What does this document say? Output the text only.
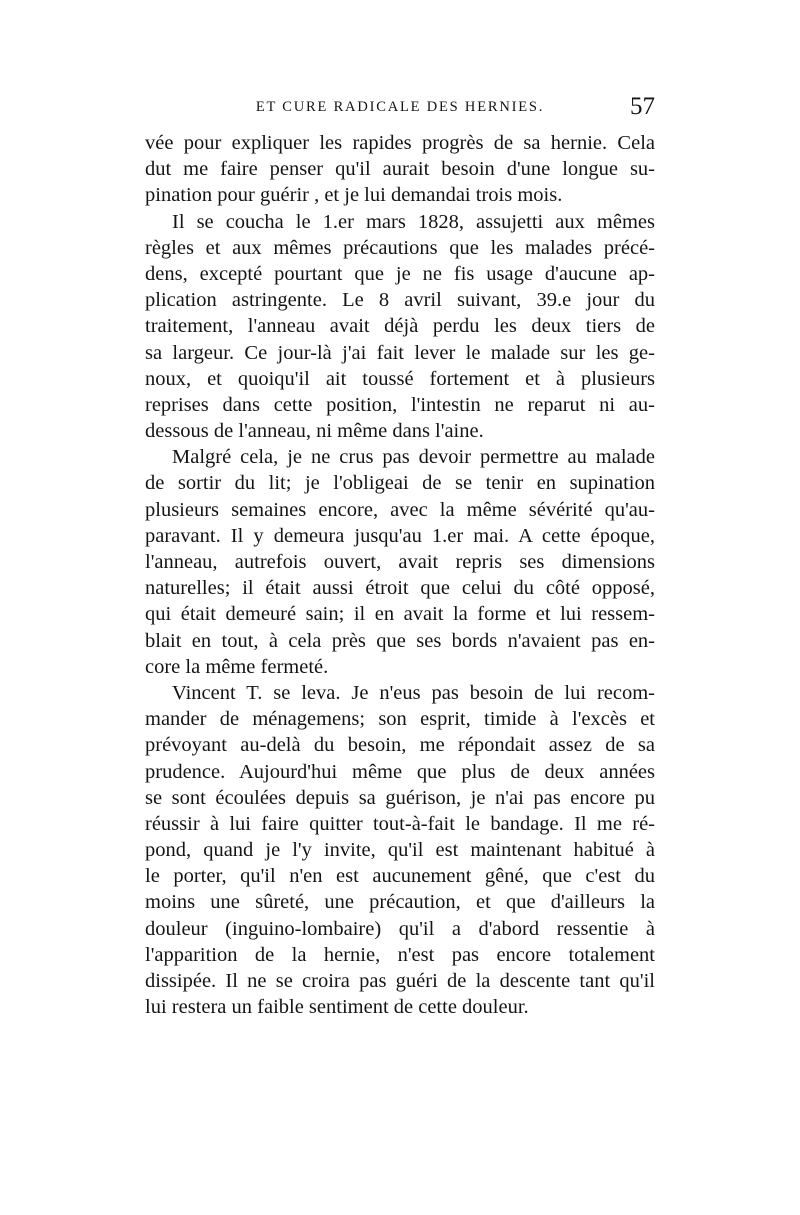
ET CURE RADICALE DES HERNIES.	57
vée pour expliquer les rapides progrès de sa hernie. Cela
dut me faire penser qu'il aurait besoin d'une longue su-
pination pour guérir , et je lui demandai trois mois.
Il se coucha le 1.er mars 1828, assujetti aux mêmes
règles et aux mêmes précautions que les malades précé-
dens, excepté pourtant que je ne fis usage d'aucune ap-
plication astringente. Le 8 avril suivant, 39.e jour du
traitement, l'anneau avait déjà perdu les deux tiers de
sa largeur. Ce jour-là j'ai fait lever le malade sur les ge-
noux, et quoiqu'il ait toussé fortement et à plusieurs
reprises dans cette position, l'intestin ne reparut ni au-
dessous de l'anneau, ni même dans l'aine.
Malgré cela, je ne crus pas devoir permettre au malade
de sortir du lit; je l'obligeai de se tenir en supination
plusieurs semaines encore, avec la même sévérité qu'au-
paravant. Il y demeura jusqu'au 1.er mai. A cette époque,
l'anneau, autrefois ouvert, avait repris ses dimensions
naturelles; il était aussi étroit que celui du côté opposé,
qui était demeuré sain; il en avait la forme et lui ressem-
blait en tout, à cela près que ses bords n'avaient pas en-
core la même fermeté.
Vincent T. se leva. Je n'eus pas besoin de lui recom-
mander de ménagemens; son esprit, timide à l'excès et
prévoyant au-delà du besoin, me répondait assez de sa
prudence. Aujourd'hui même que plus de deux années
se sont écoulées depuis sa guérison, je n'ai pas encore pu
réussir à lui faire quitter tout-à-fait le bandage. Il me ré-
pond, quand je l'y invite, qu'il est maintenant habitué à
le porter, qu'il n'en est aucunement gêné, que c'est du
moins une sûreté, une précaution, et que d'ailleurs la
douleur (inguino-lombaire) qu'il a d'abord ressentie à
l'apparition de la hernie, n'est pas encore totalement
dissipée. Il ne se croira pas guéri de la descente tant qu'il
lui restera un faible sentiment de cette douleur.
